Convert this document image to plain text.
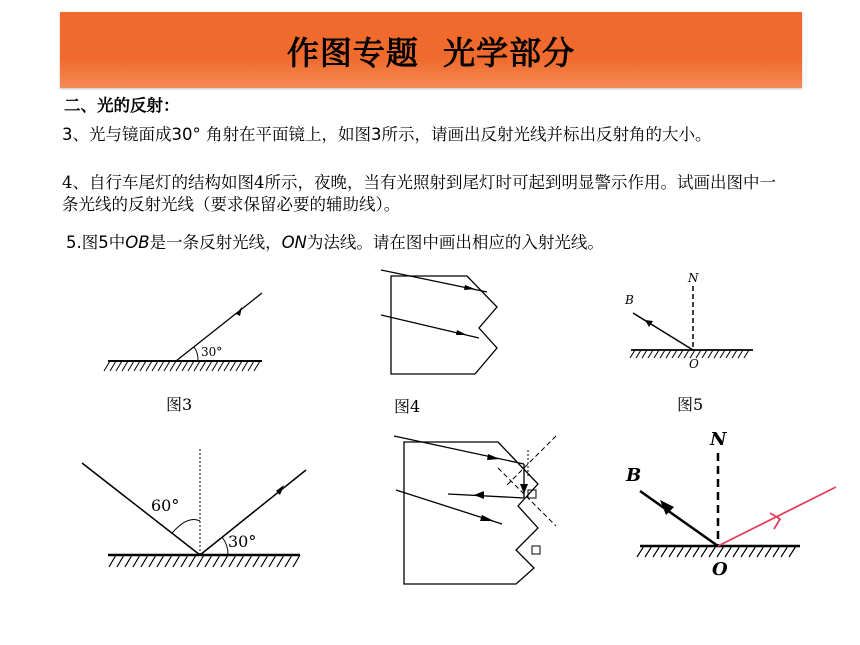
作图专题  光学部分
二、光的反射：
3、光与镜面成30° 角射在平面镜上，如图3所示，请画出反射光线并标出反射角的大小。
4、自行车尾灯的结构如图4所示，夜晚，当有光照射到尾灯时可起到明显警示作用。试画出图中一条光线的反射光线（要求保留必要的辅助线）。
5.图5中OB是一条反射光线，ON为法线。请在图中画出相应的入射光线。
30°
图3	图4
N
B
O
图5
60°
30°
N
B
O
